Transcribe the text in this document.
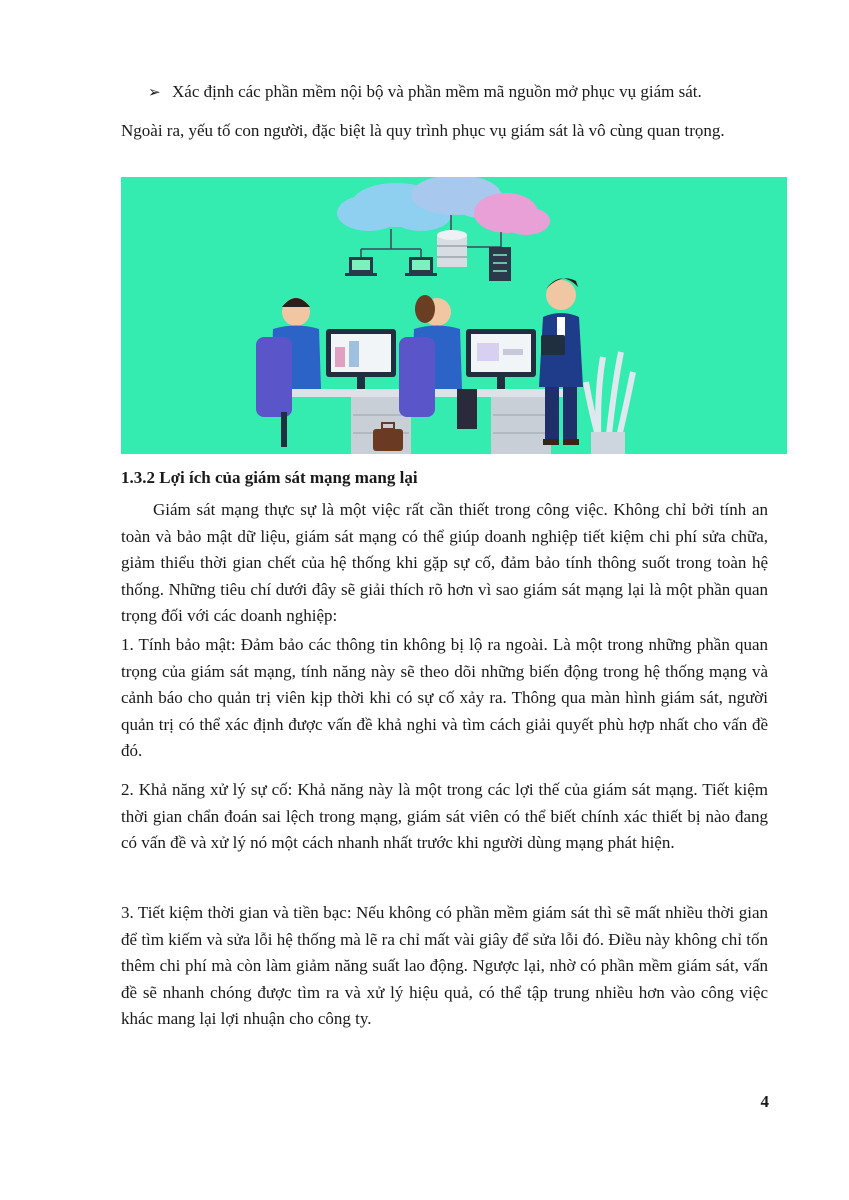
➢ Xác định các phần mềm nội bộ và phần mềm mã nguồn mở phục vụ giám sát.
Ngoài ra, yếu tố con người, đặc biệt là quy trình phục vụ giám sát là vô cùng quan trọng.
1.3.2 Lợi ích của giám sát mạng mang lại
Giám sát mạng thực sự là một việc rất cần thiết trong công việc. Không chỉ bởi tính an toàn và bảo mật dữ liệu, giám sát mạng có thể giúp doanh nghiệp tiết kiệm chi phí sửa chữa, giảm thiểu thời gian chết của hệ thống khi gặp sự cố, đảm bảo tính thông suốt trong toàn hệ thống. Những tiêu chí dưới đây sẽ giải thích rõ hơn vì sao giám sát mạng lại là một phần quan trọng đối với các doanh nghiệp:
1. Tính bảo mật: Đảm bảo các thông tin không bị lộ ra ngoài. Là một trong những phần quan trọng của giám sát mạng, tính năng này sẽ theo dõi những biến động trong hệ thống mạng và cảnh báo cho quản trị viên kịp thời khi có sự cố xảy ra. Thông qua màn hình giám sát, người quản trị có thể xác định được vấn đề khả nghi và tìm cách giải quyết phù hợp nhất cho vấn đề đó.
2. Khả năng xử lý sự cố: Khả năng này là một trong các lợi thế của giám sát mạng. Tiết kiệm thời gian chẩn đoán sai lệch trong mạng, giám sát viên có thể biết chính xác thiết bị nào đang có vấn đề và xử lý nó một cách nhanh nhất trước khi người dùng mạng phát hiện.
3. Tiết kiệm thời gian và tiền bạc: Nếu không có phần mềm giám sát thì sẽ mất nhiều thời gian để tìm kiếm và sửa lỗi hệ thống mà lẽ ra chỉ mất vài giây để sửa lỗi đó. Điều này không chỉ tốn thêm chi phí mà còn làm giảm năng suất lao động. Ngược lại, nhờ có phần mềm giám sát, vấn đề sẽ nhanh chóng được tìm ra và xử lý hiệu quả, có thể tập trung nhiều hơn vào công việc khác mang lại lợi nhuận cho công ty.
4
